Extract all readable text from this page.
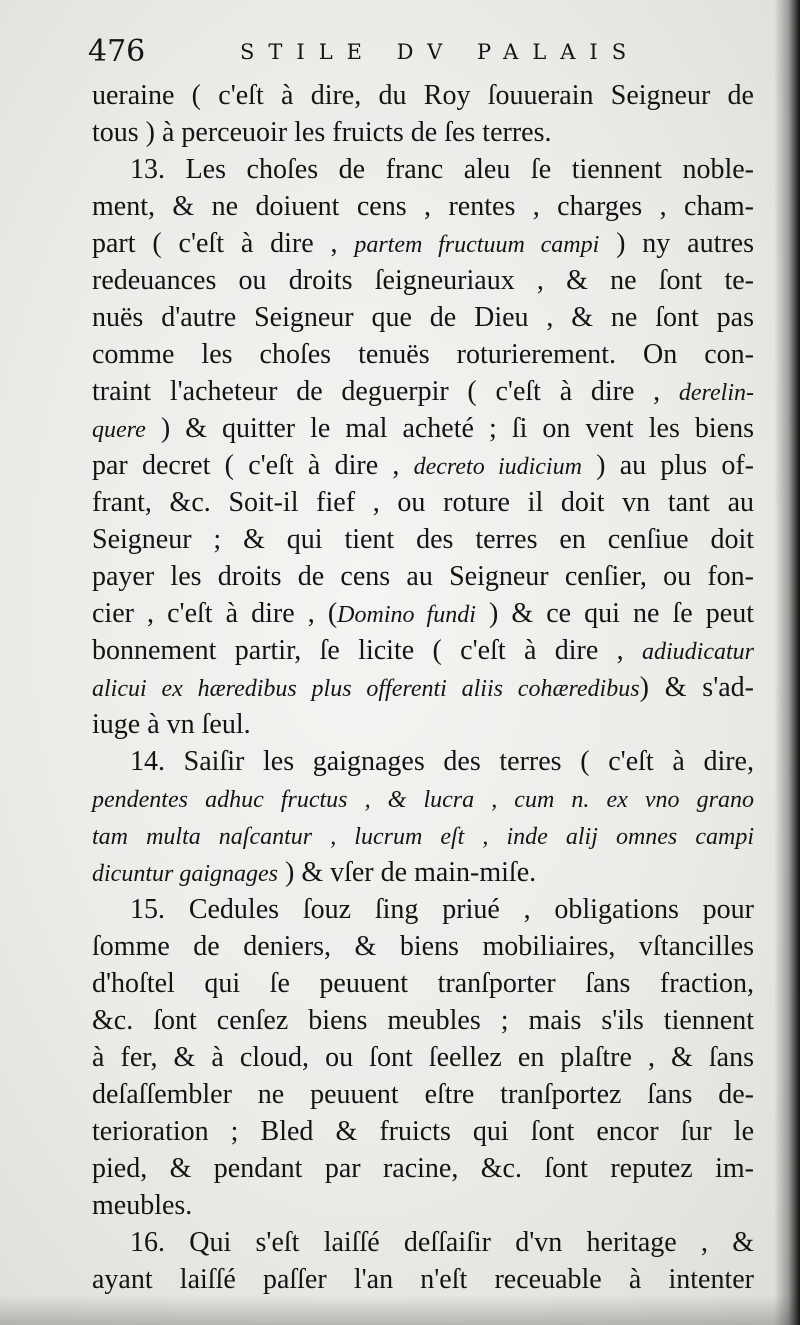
476	STILE DV PALAIS
ueraine ( c'eſt à dire, du Roy ſouuerain Seigneur de
tous ) à perceuoir les fruicts de ſes terres.
13. Les choſes de franc aleu ſe tiennent noble-
ment, & ne doiuent cens , rentes , charges , cham-
part ( c'eſt à dire , partem fructuum campi ) ny autres
redeuances ou droits ſeigneuriaux , & ne ſont te-
nuës d'autre Seigneur que de Dieu , & ne ſont pas
comme les choſes tenuës roturierement. On con-
traint l'acheteur de deguerpir ( c'eſt à dire , derelin-
quere ) & quitter le mal acheté ; ſi on vent les biens
par decret ( c'eſt à dire , decreto iudicium ) au plus of-
frant, &c. Soit-il fief , ou roture il doit vn tant au
Seigneur ; & qui tient des terres en cenſiue doit
payer les droits de cens au Seigneur cenſier, ou fon-
cier , c'eſt à dire , (Domino fundi ) & ce qui ne ſe peut
bonnement partir, ſe licite ( c'eſt à dire , adiudicatur
alicui ex hæredibus plus offerenti aliis cohæredibus) & s'ad-
iuge à vn ſeul.
14. Saiſir les gaignages des terres ( c'eſt à dire,
pendentes adhuc fructus , & lucra , cum n. ex vno grano
tam multa naſcantur , lucrum eſt , inde alij omnes campi
dicuntur gaignages ) & vſer de main-miſe.
15. Cedules ſouz ſing priué , obligations pour
ſomme de deniers, & biens mobiliaires, vſtancilles
d'hoſtel qui ſe peuuent tranſporter ſans fraction,
&c. ſont cenſez biens meubles ; mais s'ils tiennent
à fer, & à cloud, ou ſont ſeellez en plaſtre , & ſans
deſaſſembler ne peuuent eſtre tranſportez ſans de-
terioration ; Bled & fruicts qui ſont encor ſur le
pied, & pendant par racine, &c. ſont reputez im-
meubles.
16. Qui s'eſt laiſſé deſſaiſir d'vn heritage , &
ayant laiſſé paſſer l'an n'eſt receuable à intenter
